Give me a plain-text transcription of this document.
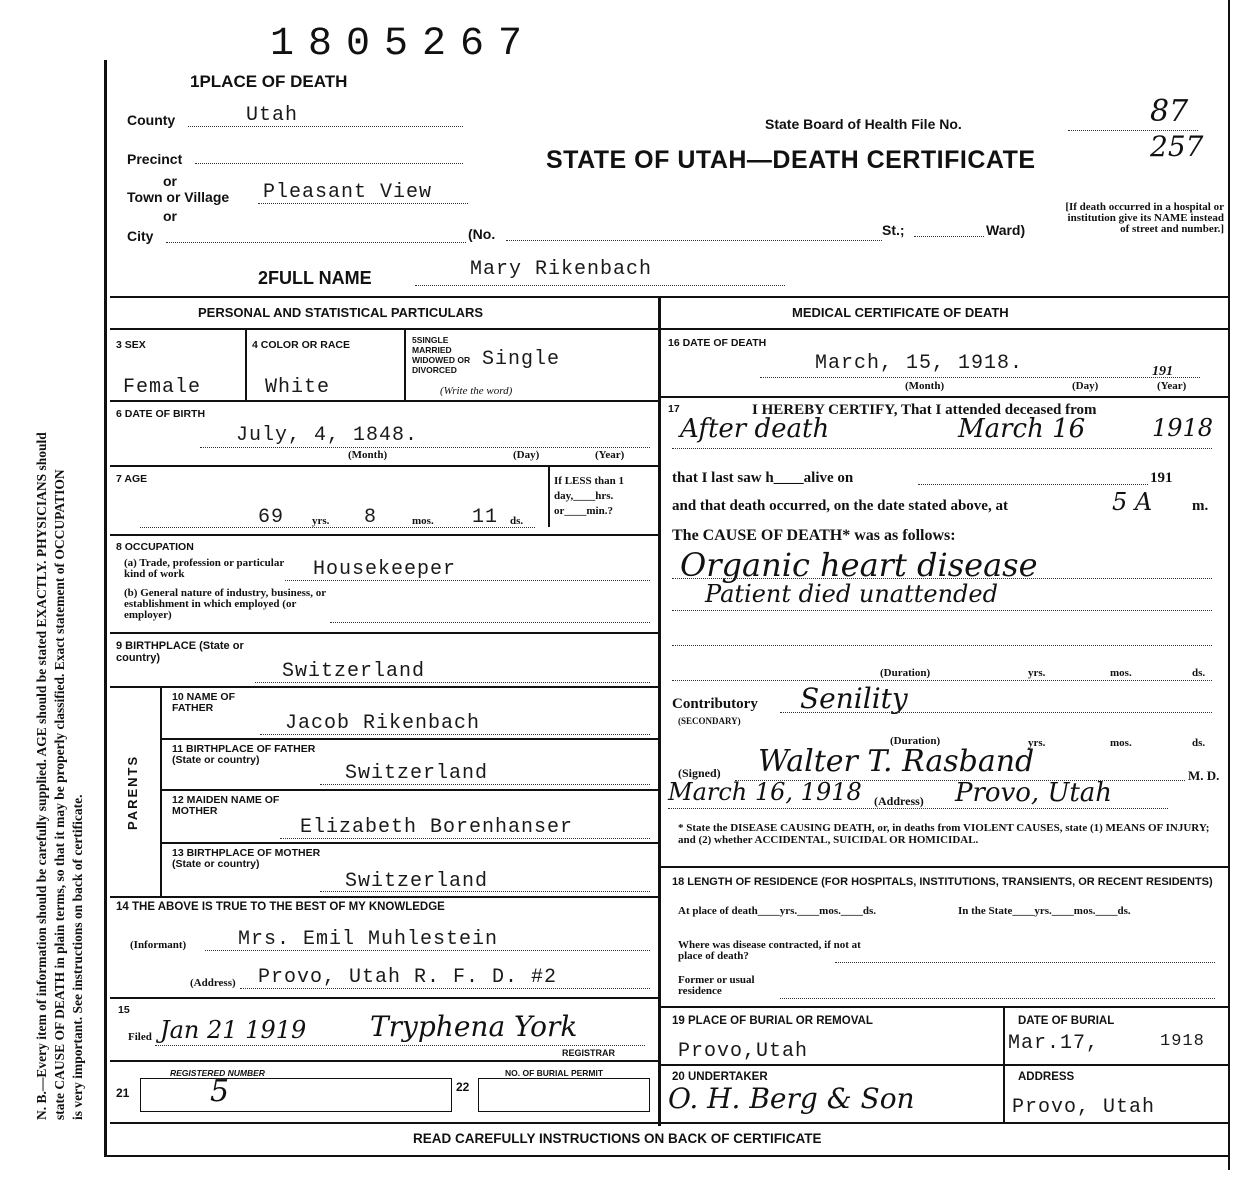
N. B.—Every item of information should be carefully supplied. AGE should be stated EXACTLY. PHYSICIANS should state CAUSE OF DEATH in plain terms, so that it may be properly classified. Exact statement of OCCUPATION is very important. See instructions on back of certificate.
1805267
1PLACE OF DEATH
County	Utah
Precinct
or
Town or Village Pleasant View
or
City	(No.	St.;	Ward)
State Board of Health File No.	87
257
STATE OF UTAH—DEATH CERTIFICATE
[If death occurred in a hospital or institution give its NAME instead of street and number.]
2FULL NAME	Mary Rikenbach
PERSONAL AND STATISTICAL PARTICULARS
3 SEX
Female
4 COLOR OR RACE
White
5SINGLE MARRIED WIDOWED OR DIVORCED	Single
(Write the word)
6 DATE OF BIRTH
July, 4, 1848.
(Month)	(Day)	(Year)
7 AGE
69	yrs. 8	mos. 11 ds.
If LESS than 1 day,____hrs. or____min.?
8 OCCUPATION
(a) Trade, profession or particular kind of work	Housekeeper
(b) General nature of industry, business, or establishment in which employed (or employer)
9 BIRTHPLACE (State or country)
Switzerland
PARENTS
10 NAME OF FATHER
Jacob Rikenbach
11 BIRTHPLACE OF FATHER (State or country)
Switzerland
12 MAIDEN NAME OF MOTHER
Elizabeth Borenhanser
13 BIRTHPLACE OF MOTHER (State or country)
Switzerland
14 THE ABOVE IS TRUE TO THE BEST OF MY KNOWLEDGE
(Informant)	Mrs. Emil Muhlestein
(Address) Provo, Utah R. F. D. #2
15
Filed Jan 21 1919 Tryphena York
REGISTRAR
REGISTERED NUMBER
21	5
NO. OF BURIAL PERMIT
22
MEDICAL CERTIFICATE OF DEATH
16 DATE OF DEATH
March, 15, 1918.	191
(Month)	(Day)	(Year)
17	I HEREBY CERTIFY, That I attended deceased from
After death	March 16	1918
that I last saw h____alive on	191
and that death occurred, on the date stated above, at	5 A	m.
The CAUSE OF DEATH* was as follows:
Organic heart disease
Patient died unattended
(Duration)	yrs.	mos.	ds.
Contributory
(SECONDARY)
Senility
(Duration)	yrs.	mos.	ds.
(Signed) Walter T. Rasband	M. D.
March 16, 1918 (Address) Provo, Utah
* State the DISEASE CAUSING DEATH, or, in deaths from VIOLENT CAUSES, state (1) MEANS OF INJURY; and (2) whether ACCIDENTAL, SUICIDAL OR HOMICIDAL.
18 LENGTH OF RESIDENCE (FOR HOSPITALS, INSTITUTIONS, TRANSIENTS, OR RECENT RESIDENTS)
At place of death____yrs.____mos.____ds.	In the State____yrs.____mos.____ds.
Where was disease contracted, if not at place of death?
Former or usual residence
19 PLACE OF BURIAL OR REMOVAL
Provo,Utah
DATE OF BURIAL
Mar.17,	1918
20 UNDERTAKER
O. H. Berg & Son
ADDRESS
Provo, Utah
READ CAREFULLY INSTRUCTIONS ON BACK OF CERTIFICATE
